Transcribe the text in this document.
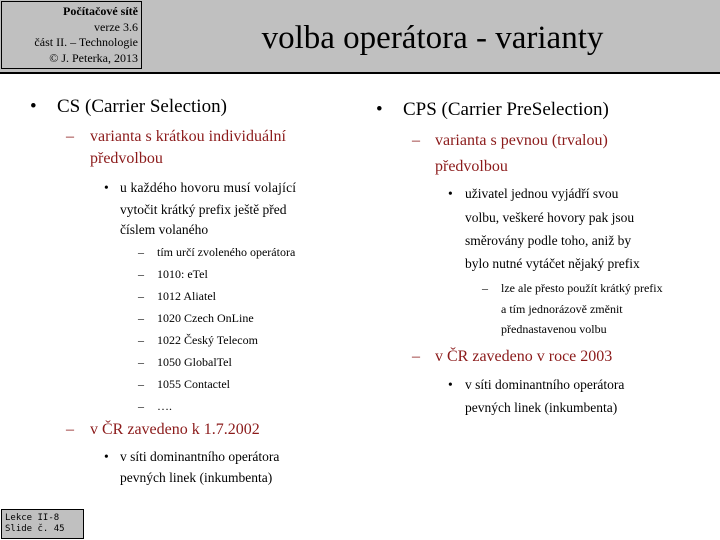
Počítačové sítě
verze 3.6
část II. – Technologie
© J. Peterka, 2013
volba operátora - varianty
• CS (Carrier Selection)
– varianta s krátkou individuální
předvolbou
• u každého hovoru musí volající
vytočit krátký prefix ještě před
číslem volaného
– tím určí zvoleného operátora
– 1010: eTel
– 1012 Aliatel
– 1020 Czech OnLine
– 1022 Český Telecom
– 1050 GlobalTel
– 1055 Contactel
– ….
– v ČR zavedeno k 1.7.2002
• v síti dominantního operátora
pevných linek (inkumbenta)
• CPS (Carrier PreSelection)
– varianta s pevnou (trvalou)
předvolbou
• uživatel jednou vyjádří svou
volbu, veškeré hovory pak jsou
směrovány podle toho, aniž by
bylo nutné vytáčet nějaký prefix
– lze ale přesto použít krátký prefix
a tím jednorázově změnit
přednastavenou volbu
– v ČR zavedeno v roce 2003
• v síti dominantního operátora
pevných linek (inkumbenta)
Lekce II-8
Slide č. 45
